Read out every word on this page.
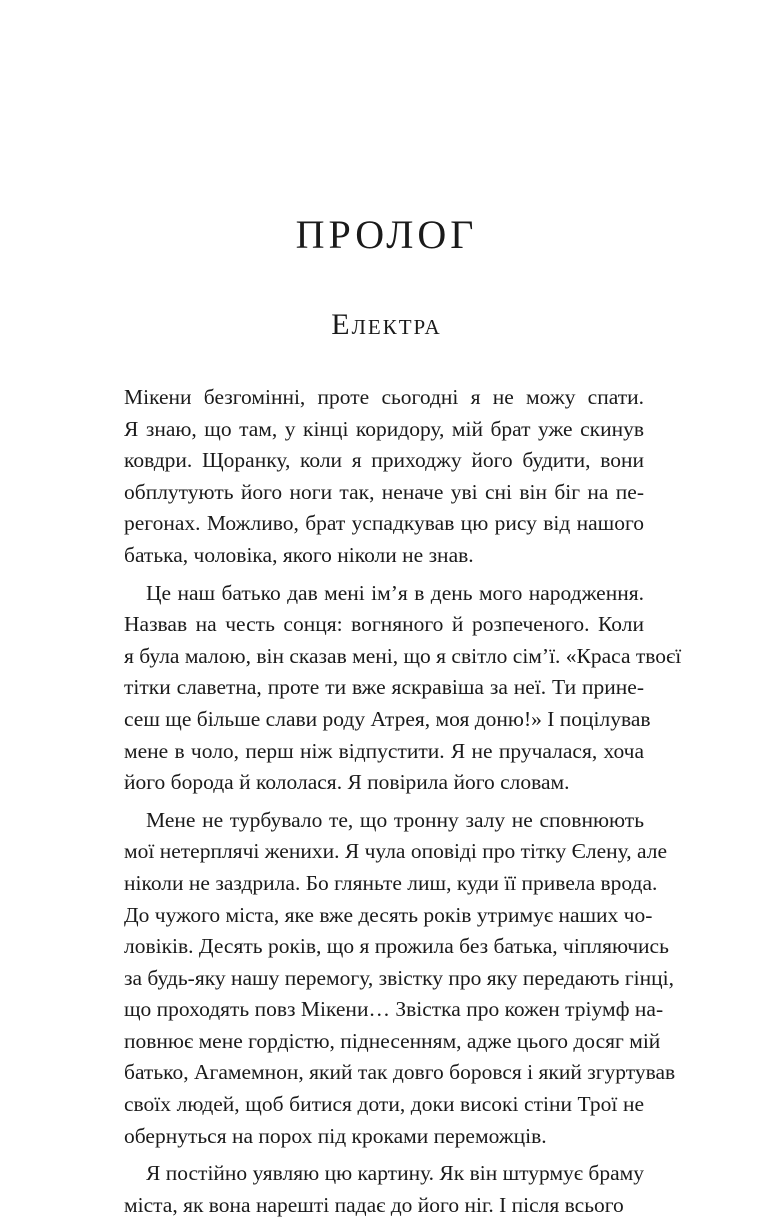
ПРОЛОГ
Електра

Мікени безгомінні, проте сьогодні я не можу спати.
Я знаю, що там, у кінці коридору, мій брат уже скинув
ковдри. Щоранку, коли я приходжу його будити, вони
обплутують його ноги так, неначе уві сні він біг на пе-
регонах. Можливо, брат успадкував цю рису від нашого
батька, чоловіка, якого ніколи не знав.

Це наш батько дав мені ім’я в день мого народження.
Назвав на честь сонця: вогняного й розпеченого. Коли
я була малою, він сказав мені, що я світло сім’ї. «Краса твоєї
тітки славетна, проте ти вже яскравіша за неї. Ти прине-
сеш ще більше слави роду Атрея, моя доню!» І поцілував
мене в чоло, перш ніж відпустити. Я не пручалася, хоча
його борода й кололася. Я повірила його словам.

Мене не турбувало те, що тронну залу не сповнюють
мої нетерплячі женихи. Я чула оповіді про тітку Єлену, але
ніколи не заздрила. Бо гляньте лиш, куди її привела врода.
До чужого міста, яке вже десять років утримує наших чо-
ловіків. Десять років, що я прожила без батька, чіпляючись
за будь-яку нашу перемогу, звістку про яку передають гінці,
що проходять повз Мікени… Звістка про кожен тріумф на-
повнює мене гордістю, піднесенням, адже цього досяг мій
батько, Агамемнон, який так довго боровся і який згуртував
своїх людей, щоб битися доти, доки високі стіни Трої не
обернуться на порох під кроками переможців.

Я постійно уявляю цю картину. Як він штурмує браму
міста, як вона нарешті падає до його ніг. І після всього
